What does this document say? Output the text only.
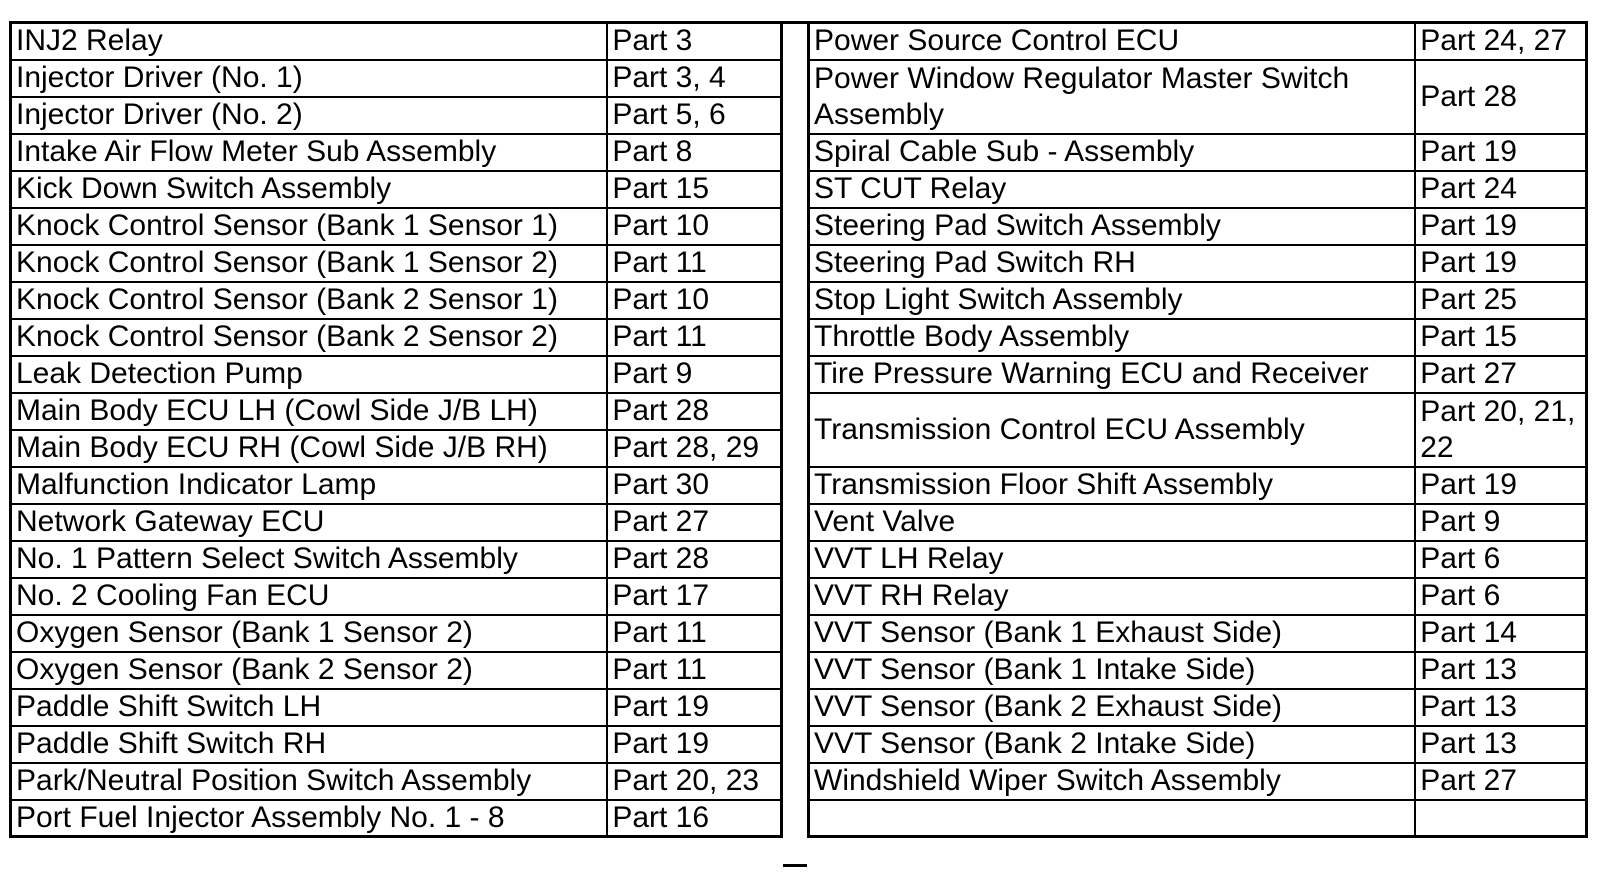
INJ2 Relay	Part 3
Injector Driver (No. 1)	Part 3, 4
Injector Driver (No. 2)	Part 5, 6
Intake Air Flow Meter Sub Assembly	Part 8
Kick Down Switch Assembly	Part 15
Knock Control Sensor (Bank 1 Sensor 1)	Part 10
Knock Control Sensor (Bank 1 Sensor 2)	Part 11
Knock Control Sensor (Bank 2 Sensor 1)	Part 10
Knock Control Sensor (Bank 2 Sensor 2)	Part 11
Leak Detection Pump	Part 9
Main Body ECU LH (Cowl Side J/B LH)	Part 28
Main Body ECU RH (Cowl Side J/B RH)	Part 28, 29
Malfunction Indicator Lamp	Part 30
Network Gateway ECU	Part 27
No. 1 Pattern Select Switch Assembly	Part 28
No. 2 Cooling Fan ECU	Part 17
Oxygen Sensor (Bank 1 Sensor 2)	Part 11
Oxygen Sensor (Bank 2 Sensor 2)	Part 11
Paddle Shift Switch LH	Part 19
Paddle Shift Switch RH	Part 19
Park/Neutral Position Switch Assembly	Part 20, 23
Port Fuel Injector Assembly No. 1 - 8	Part 16
Power Source Control ECU	Part 24, 27
Power Window Regulator Master Switch Assembly	Part 28
Spiral Cable Sub - Assembly	Part 19
ST CUT Relay	Part 24
Steering Pad Switch Assembly	Part 19
Steering Pad Switch RH	Part 19
Stop Light Switch Assembly	Part 25
Throttle Body Assembly	Part 15
Tire Pressure Warning ECU and Receiver	Part 27
Transmission Control ECU Assembly	Part 20, 21, 22
Transmission Floor Shift Assembly	Part 19
Vent Valve	Part 9
VVT LH Relay	Part 6
VVT RH Relay	Part 6
VVT Sensor (Bank 1 Exhaust Side)	Part 14
VVT Sensor (Bank 1 Intake Side)	Part 13
VVT Sensor (Bank 2 Exhaust Side)	Part 13
VVT Sensor (Bank 2 Intake Side)	Part 13
Windshield Wiper Switch Assembly	Part 27
